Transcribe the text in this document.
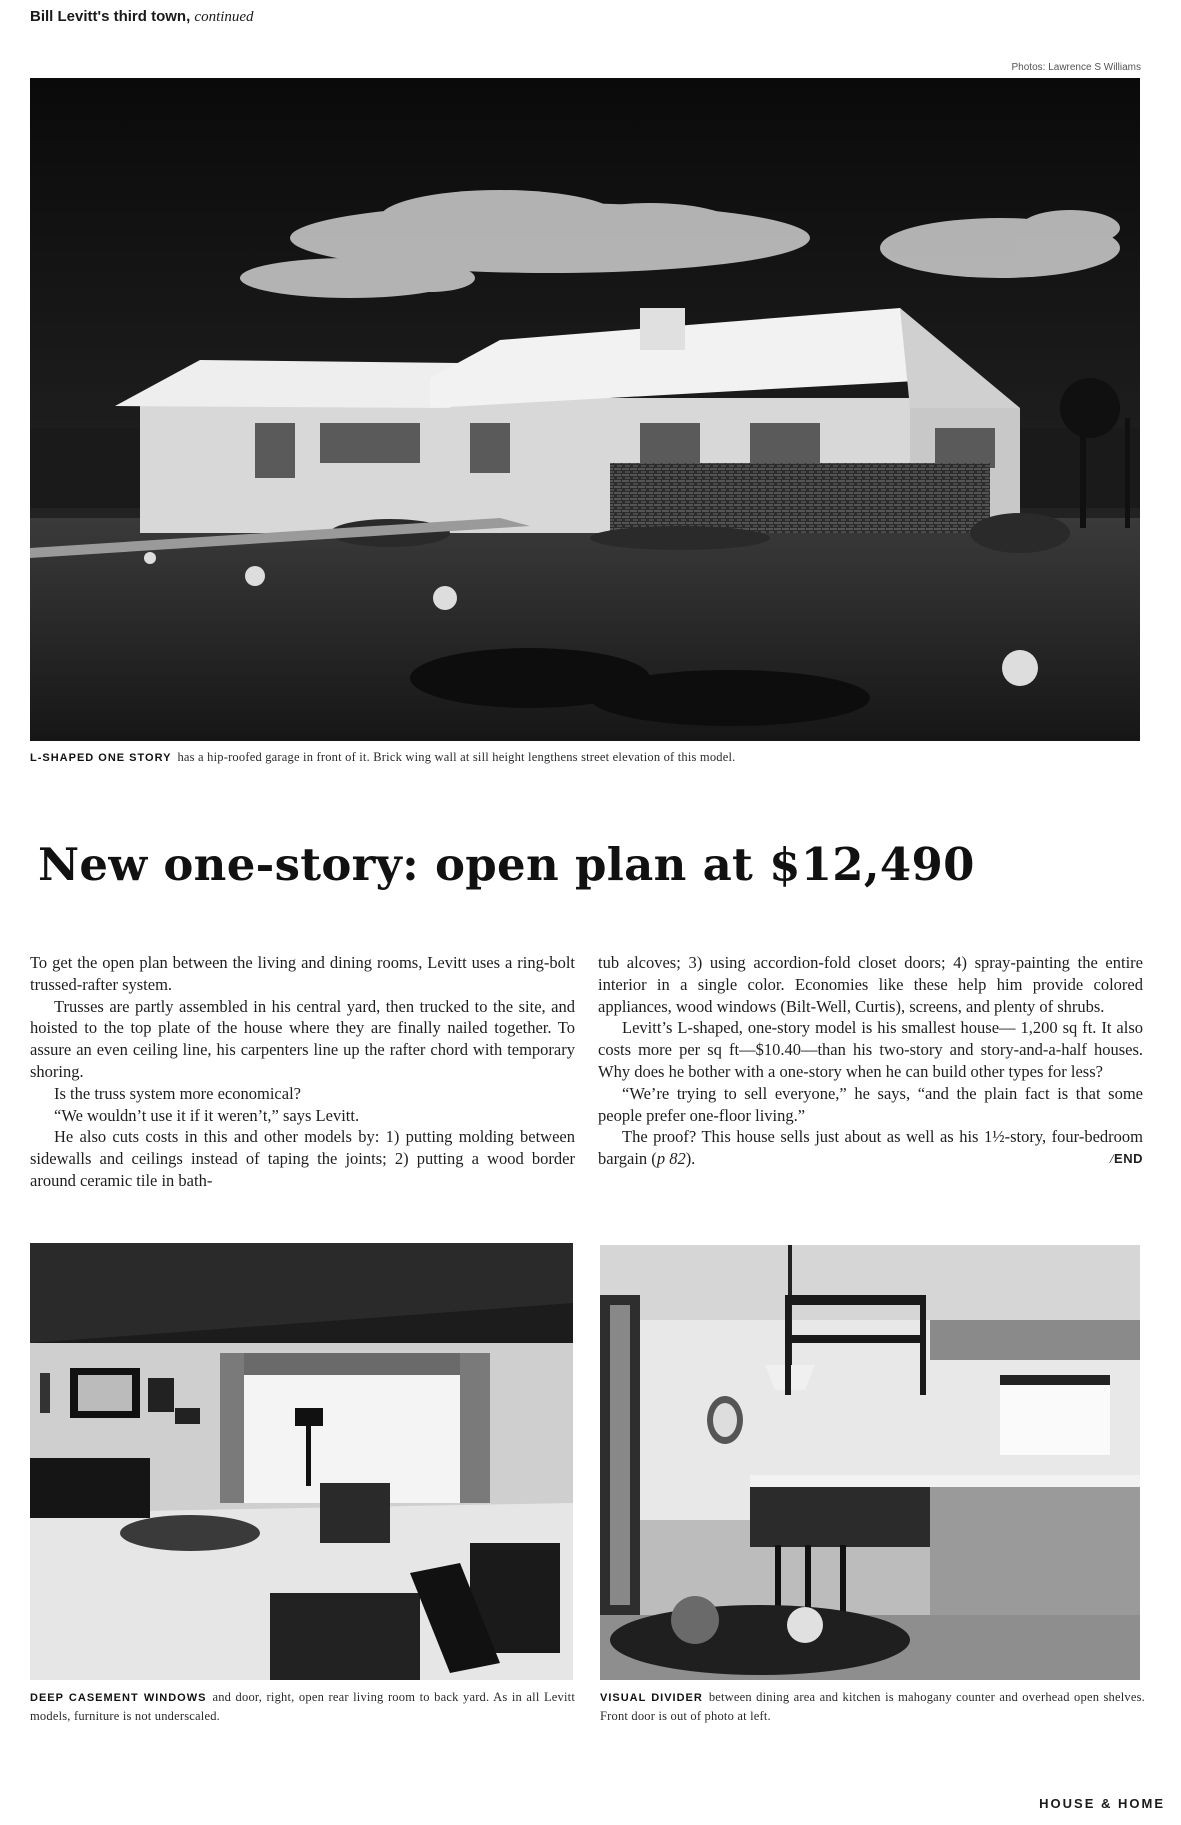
Bill Levitt's third town, continued
Photos: Lawrence S Williams
L-SHAPED ONE STORY has a hip-roofed garage in front of it. Brick wing wall at sill height lengthens street elevation of this model.
New one-story: open plan at $12,490

To get the open plan between the living and dining rooms, Levitt uses a ring-bolt trussed-rafter system.

Trusses are partly assembled in his central yard, then trucked to the site, and hoisted to the top plate of the house where they are finally nailed together. To assure an even ceiling line, his carpenters line up the rafter chord with temporary shoring.

Is the truss system more economical?

“We wouldn’t use it if it weren’t,” says Levitt.

He also cuts costs in this and other models by: 1) putting molding between sidewalls and ceilings instead of taping the joints; 2) putting a wood border around ceramic tile in bath-

tub alcoves; 3) using accordion-fold closet doors; 4) spray-painting the entire interior in a single color. Economies like these help him provide colored appliances, wood windows (Bilt-Well, Curtis), screens, and plenty of shrubs.

Levitt’s L-shaped, one-story model is his smallest house— 1,200 sq ft. It also costs more per sq ft—$10.40—than his two-story and story-and-a-half houses. Why does he bother with a one-story when he can build other types for less?

“We’re trying to sell everyone,” he says, “and the plain fact is that some people prefer one-floor living.”

The proof? This house sells just about as well as his 1½-story, four-bedroom bargain (p 82).	/END

DEEP CASEMENT WINDOWS and door, right, open rear living room to back yard. As in all Levitt models, furniture is not underscaled.
VISUAL DIVIDER between dining area and kitchen is mahogany counter and overhead open shelves. Front door is out of photo at left.
HOUSE & HOME
